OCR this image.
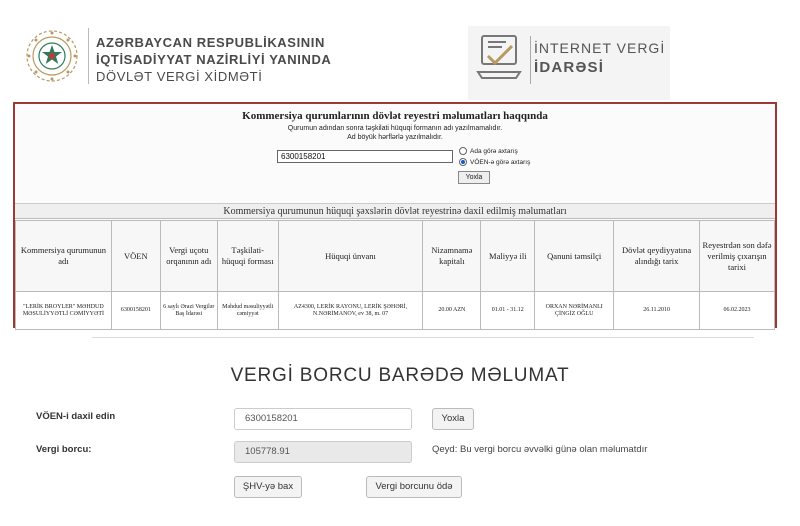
AZƏRBAYCAN RESPUBLİKASININ
İQTİSADİYYAT NAZİRLİYİ YANINDA
DÖVLƏT VERGİ XİDMƏTİ
İNTERNET VERGİ
İDARƏSİ
Kommersiya qurumlarının dövlət reyestri məlumatları haqqında
Qurumun adından sonra təşkilati hüquqi formanın adı yazılmamalıdır.
Ad böyük hərflərlə yazılmalıdır.
6300158201
Ada görə axtarış
VÖEN-ə görə axtarış
Yoxla
Kommersiya qurumunun hüquqi şəxslərin dövlət reyestrinə daxil edilmiş məlumatları
Kommersiya qurumunun adı	VÖEN	Vergi uçotu orqanının adı	Təşkilati-hüquqi forması	Hüquqi ünvanı	Nizamnamə kapitalı	Maliyyə ili	Qanuni təmsilçi	Dövlət qeydiyyatına alındığı tarix	Reyestrdən son dəfə verilmiş çıxarışın tarixi
"LERİK BROYLER" MƏHDUD MƏSULİYYƏTLİ CƏMİYYƏTİ	6300158201	6 saylı Ərazi Vergilər Baş İdarəsi	Məhdud məsuliyyətli cəmiyyət	AZ4300, LERİK RAYONU, LERİK ŞƏHƏRİ, N.NƏRİMANOV, ev 38, m. 07	20.00 AZN	01.01 - 31.12	ORXAN NƏRİMANLI ÇİNGİZ OĞLU	26.11.2010	06.02.2023
VERGİ BORCU BARƏDƏ MƏLUMAT
VÖEN-i daxil edin	6300158201	Yoxla
Vergi borcu:	105778.91	Qeyd: Bu vergi borcu əvvəlki günə olan məlumatdır
ŞHV-yə bax	Vergi borcunu ödə
